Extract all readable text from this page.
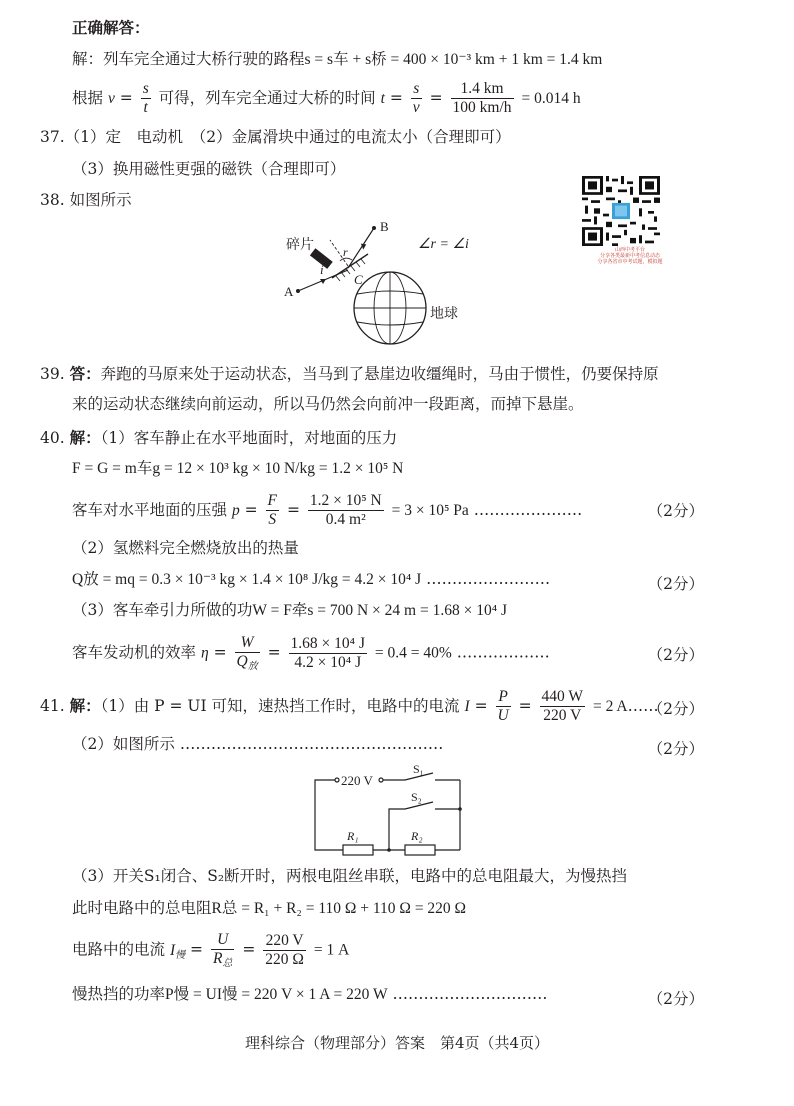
正确解答：
解：列车完全通过大桥行驶的路程s = s车 + s桥 = 400 × 10⁻³ km + 1 km = 1.4 km
根据 $v = \frac{s}{t}$ 可得，列车完全通过大桥的时间 $t = \frac{s}{v} = \frac{1.4 km}{100 km/h} = 0.014$ h
37.（1）定　电动机　（2）金属滑块中通过的电流太小（合理即可）
（3）换用磁性更强的磁铁（合理即可）
38. 如图所示
碎片
A
B
C
i
r	∠r = ∠i
地球
山西中考平台
分享各类最新中考信息动态
分享各省市中考试题，模拟题
39. 答：奔跑的马原来处于运动状态，当马到了悬崖边收缰绳时，马由于惯性，仍要保持原
来的运动状态继续向前运动，所以马仍然会向前冲一段距离，而掉下悬崖。
40. 解：（1）客车静止在水平地面时，对地面的压力
F = G = m车g = 12 × 10³ kg × 10 N/kg = 1.2 × 10⁵ N
客车对水平地面的压强 $p = \frac{F}{S} = \frac{\text{1.2 × 10⁵ N}}{\text{0.4 m²}} = 3 \times 10^5$ Pa …………………	（2分）
（2）氢燃料完全燃烧放出的热量
Q放 = mq = 0.3 × 10⁻³ kg × 1.4 × 10⁸ J/kg = 4.2 × 10⁴ J ……………………	（2分）
（3）客车牵引力所做的功W = F牵s = 700 N × 24 m = 1.68 × 10⁴ J
客车发动机的效率 $\eta = \frac{W}{Q_放} = \frac{\text{1.68 × 10⁴ J}}{\text{4.2 × 10⁴ J}} = 0.4 = 40\%$ ………………	（2分）
41. 解：（1）由 P = UI 可知，速热挡工作时，电路中的电流 $I = \frac{P}{U} = \frac{440 W}{220 V} = 2$ A……
（2分）
（2）如图所示 ……………………………………………	（2分）
220 V
S₁
S₂
R₁	R₂
（3）开关S₁闭合、S₂断开时，两根电阻丝串联，电路中的总电阻最大，为慢热挡
此时电路中的总电阻R总 = R₁ + R₂ = 110 Ω + 110 Ω = 220 Ω
电路中的电流 $I_慢 = \frac{U}{R_总} = \frac{220 V}{220 \Omega} = 1$ A
慢热挡的功率P慢 = UI慢 = 220 V × 1 A = 220 W …………………………	（2分）
理科综合（物理部分）答案　第4页（共4页）
